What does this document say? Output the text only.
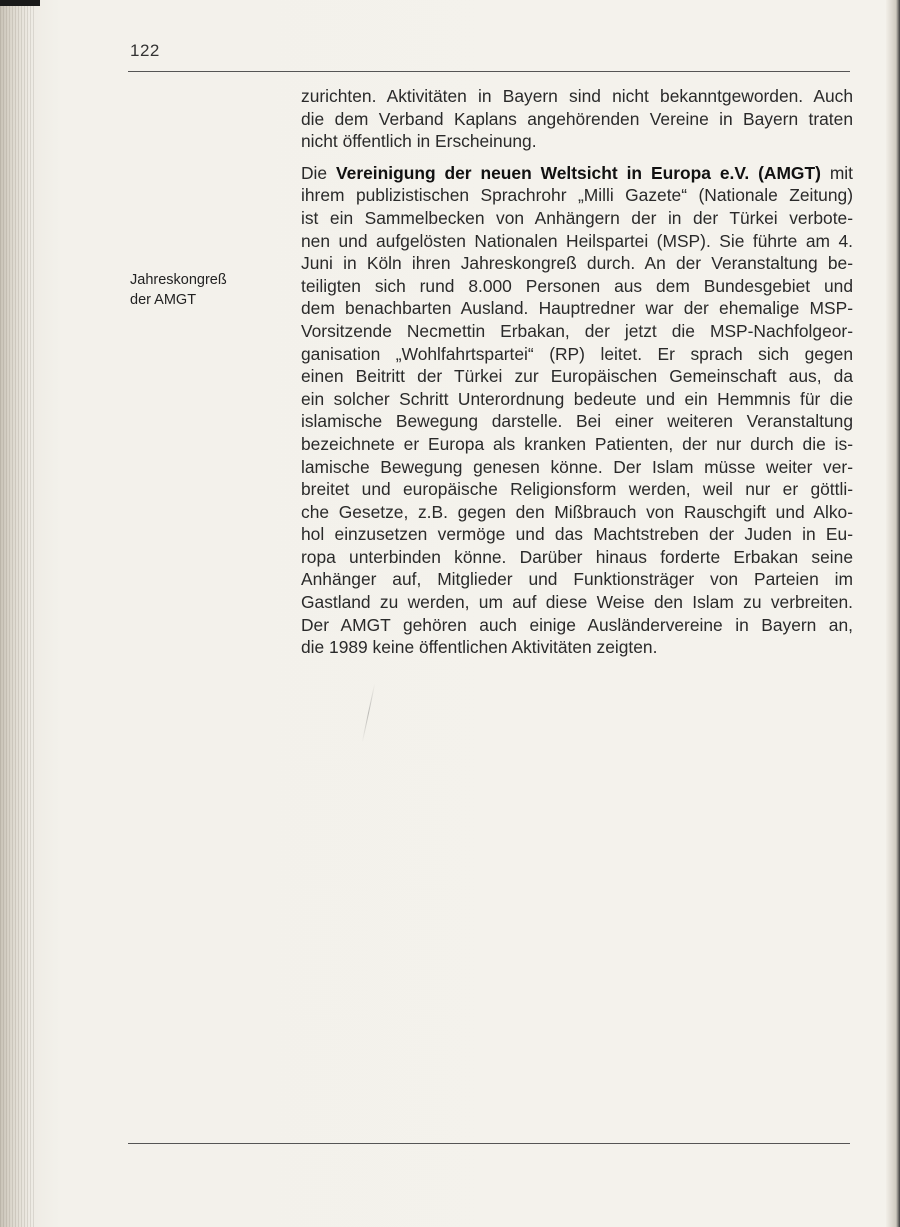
122
Jahreskongreß
der AMGT
zurichten. Aktivitäten in Bayern sind nicht bekanntgeworden. Auch
die dem Verband Kaplans angehörenden Vereine in Bayern traten
nicht öffentlich in Erscheinung.
Die Vereinigung der neuen Weltsicht in Europa e.V. (AMGT) mit
ihrem publizistischen Sprachrohr „Milli Gazete“ (Nationale Zeitung)
ist ein Sammelbecken von Anhängern der in der Türkei verbote-
nen und aufgelösten Nationalen Heilspartei (MSP). Sie führte am 4.
Juni in Köln ihren Jahreskongreß durch. An der Veranstaltung be-
teiligten sich rund 8.000 Personen aus dem Bundesgebiet und
dem benachbarten Ausland. Hauptredner war der ehemalige MSP-
Vorsitzende Necmettin Erbakan, der jetzt die MSP-Nachfolgeor-
ganisation „Wohlfahrtspartei“ (RP) leitet. Er sprach sich gegen
einen Beitritt der Türkei zur Europäischen Gemeinschaft aus, da
ein solcher Schritt Unterordnung bedeute und ein Hemmnis für die
islamische Bewegung darstelle. Bei einer weiteren Veranstaltung
bezeichnete er Europa als kranken Patienten, der nur durch die is-
lamische Bewegung genesen könne. Der Islam müsse weiter ver-
breitet und europäische Religionsform werden, weil nur er göttli-
che Gesetze, z.B. gegen den Mißbrauch von Rauschgift und Alko-
hol einzusetzen vermöge und das Machtstreben der Juden in Eu-
ropa unterbinden könne. Darüber hinaus forderte Erbakan seine
Anhänger auf, Mitglieder und Funktionsträger von Parteien im
Gastland zu werden, um auf diese Weise den Islam zu verbreiten.
Der AMGT gehören auch einige Ausländervereine in Bayern an,
die 1989 keine öffentlichen Aktivitäten zeigten.
